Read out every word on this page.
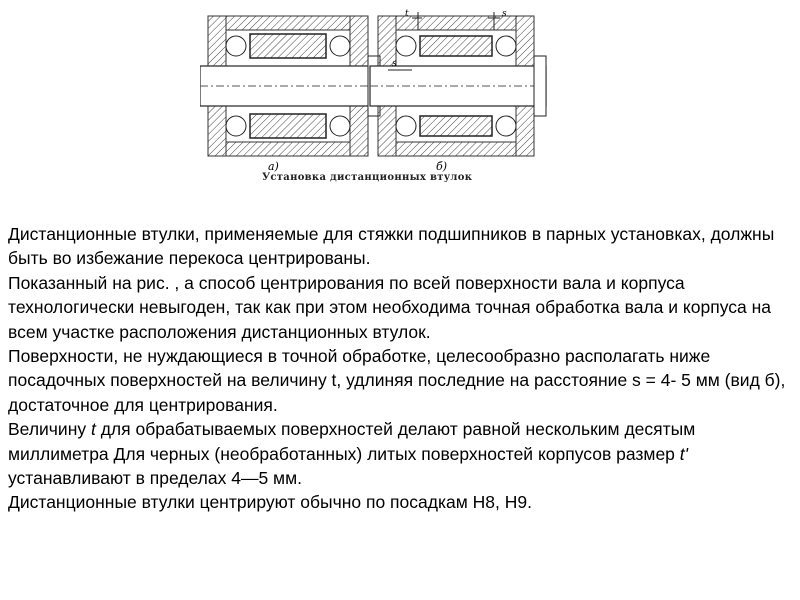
а)
t	s
s
б)
Установка дистанционных втулок
Дистанционные втулки, применяемые для стяжки подшипников в парных установках, должны быть во избежание перекоса центрированы.
Показанный на рис. , а способ центрирования по всей поверхности вала и корпуса технологически невыгоден, так как при этом необходима точная обработка вала и корпуса на всем участке расположения дистанционных втулок.
Поверхности, не нуждающиеся в точной обработке, целесообразно располагать ниже посадочных поверхностей на величину t, удлиняя последние на расстояние s = 4- 5 мм (вид б), достаточное для центрирования.
Величину t для обрабатываемых поверхностей делают равной нескольким десятым миллиметра Для черных (необработанных) литых поверхностей корпусов размер t' устанавливают в пределах 4—5 мм.
Дистанционные втулки центрируют обычно по посадкам Н8, Н9.
